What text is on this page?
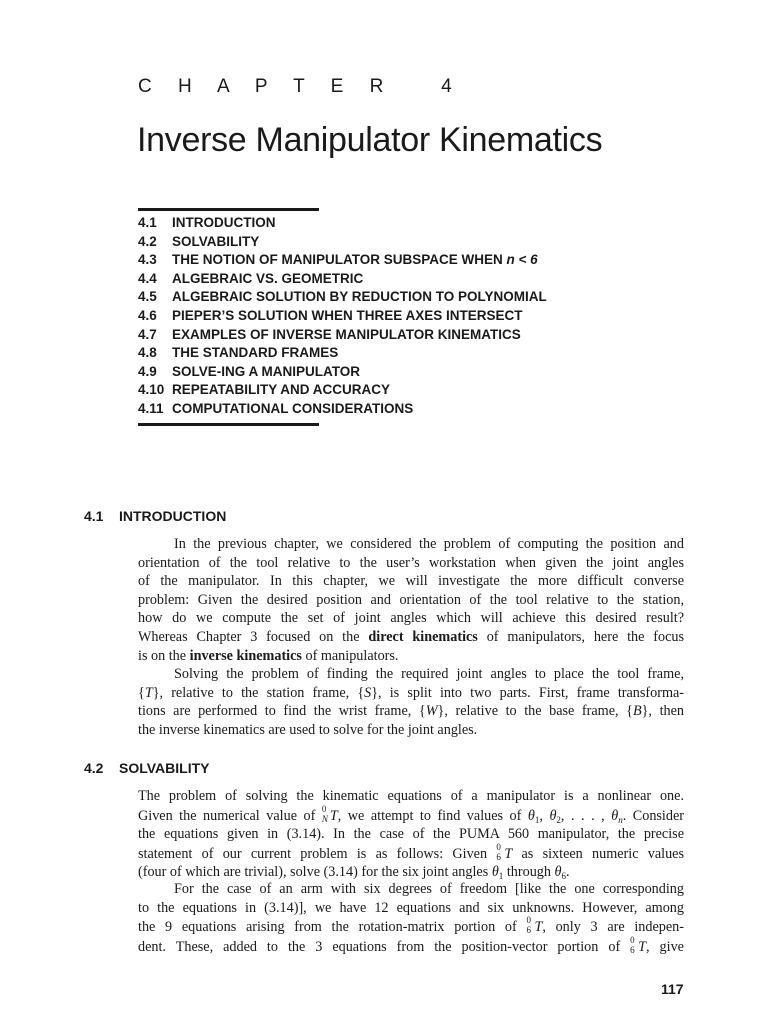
C H A P T E R   4
Inverse Manipulator Kinematics
4.1 INTRODUCTION
4.2 SOLVABILITY
4.3 THE NOTION OF MANIPULATOR SUBSPACE WHEN n < 6
4.4 ALGEBRAIC VS. GEOMETRIC
4.5 ALGEBRAIC SOLUTION BY REDUCTION TO POLYNOMIAL
4.6 PIEPER’S SOLUTION WHEN THREE AXES INTERSECT
4.7 EXAMPLES OF INVERSE MANIPULATOR KINEMATICS
4.8 THE STANDARD FRAMES
4.9 SOLVE-ING A MANIPULATOR
4.10 REPEATABILITY AND ACCURACY
4.11 COMPUTATIONAL CONSIDERATIONS
4.1 INTRODUCTION

In the previous chapter, we considered the problem of computing the position and
orientation of the tool relative to the user’s workstation when given the joint angles
of the manipulator. In this chapter, we will investigate the more difficult converse
problem: Given the desired position and orientation of the tool relative to the station,
how do we compute the set of joint angles which will achieve this desired result?
Whereas Chapter 3 focused on the direct kinematics of manipulators, here the focus
is on the inverse kinematics of manipulators.

Solving the problem of finding the required joint angles to place the tool frame,
{T}, relative to the station frame, {S}, is split into two parts. First, frame transforma-
tions are performed to find the wrist frame, {W}, relative to the base frame, {B}, then
the inverse kinematics are used to solve for the joint angles.

4.2 SOLVABILITY

The problem of solving the kinematic equations of a manipulator is a nonlinear one.
Given the numerical value of 0
N T, we attempt to find values of $\theta_1$, $\theta_2$, . . . , $\theta_n$. Consider
the equations given in (3.14). In the case of the PUMA 560 manipulator, the precise
statement of our current problem is as follows: Given 0
6 T as sixteen numeric values
(four of which are trivial), solve (3.14) for the six joint angles $\theta_1$ through $\theta_6$.

For the case of an arm with six degrees of freedom [like the one corresponding
to the equations in (3.14)], we have 12 equations and six unknowns. However, among
the 9 equations arising from the rotation-matrix portion of 0
6 T, only 3 are indepen-
dent. These, added to the 3 equations from the position-vector portion of 0
6 T, give

117
